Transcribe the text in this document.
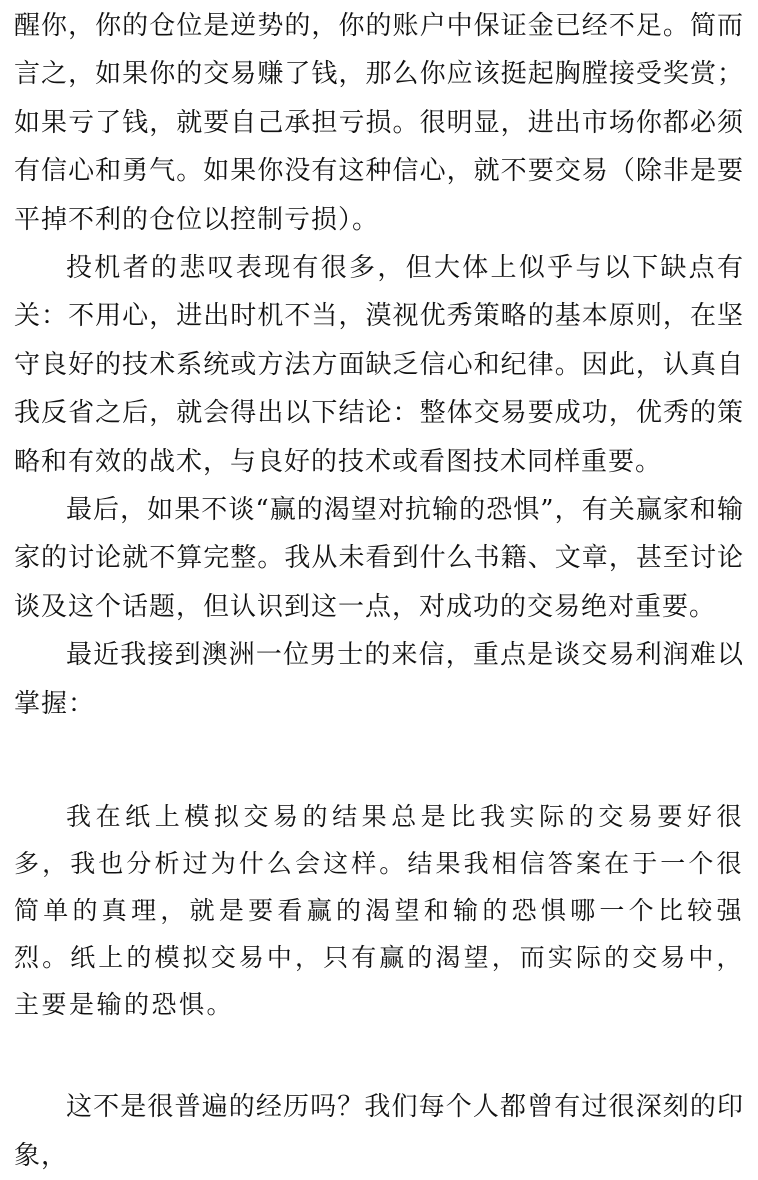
醒你，你的仓位是逆势的，你的账户中保证金已经不足。简而言之，如果你的交易赚了钱，那么你应该挺起胸膛接受奖赏；如果亏了钱，就要自己承担亏损。很明显，进出市场你都必须有信心和勇气。如果你没有这种信心，就不要交易（除非是要平掉不利的仓位以控制亏损）。

投机者的悲叹表现有很多，但大体上似乎与以下缺点有关：不用心，进出时机不当，漠视优秀策略的基本原则，在坚守良好的技术系统或方法方面缺乏信心和纪律。因此，认真自我反省之后，就会得出以下结论：整体交易要成功，优秀的策略和有效的战术，与良好的技术或看图技术同样重要。

最后，如果不谈“赢的渴望对抗输的恐惧”，有关赢家和输家的讨论就不算完整。我从未看到什么书籍、文章，甚至讨论谈及这个话题，但认识到这一点，对成功的交易绝对重要。

最近我接到澳洲一位男士的来信，重点是谈交易利润难以掌握：

我在纸上模拟交易的结果总是比我实际的交易要好很多，我也分析过为什么会这样。结果我相信答案在于一个很简单的真理，就是要看赢的渴望和输的恐惧哪一个比较强烈。纸上的模拟交易中，只有赢的渴望，而实际的交易中，主要是输的恐惧。

这不是很普遍的经历吗？我们每个人都曾有过很深刻的印象，
